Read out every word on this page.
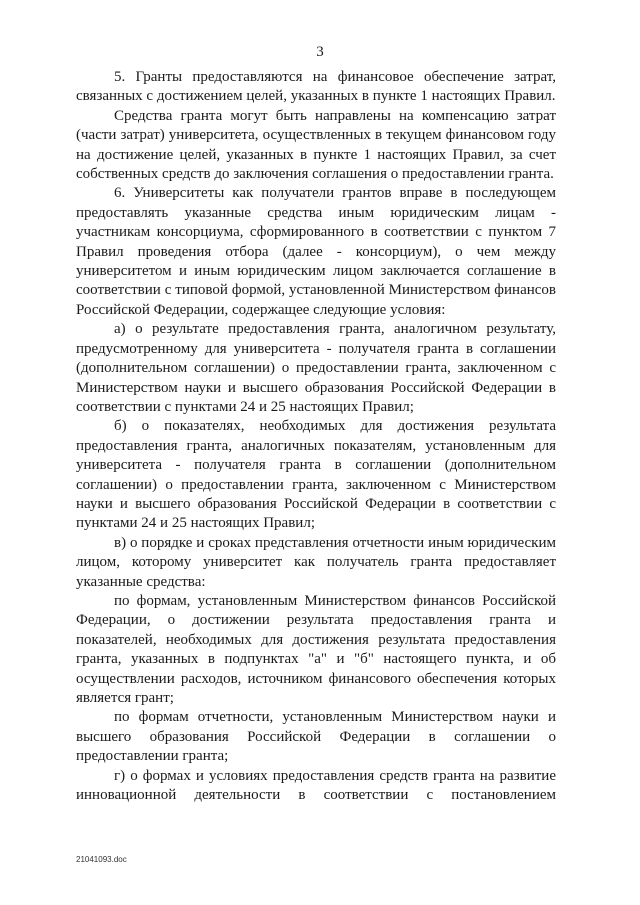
3

5. Гранты предоставляются на финансовое обеспечение затрат, связанных с достижением целей, указанных в пункте 1 настоящих Правил.

Средства гранта могут быть направлены на компенсацию затрат (части затрат) университета, осуществленных в текущем финансовом году на достижение целей, указанных в пункте 1 настоящих Правил, за счет собственных средств до заключения соглашения о предоставлении гранта.

6. Университеты как получатели грантов вправе в последующем предоставлять указанные средства иным юридическим лицам - участникам консорциума, сформированного в соответствии с пунктом 7 Правил проведения отбора (далее - консорциум), о чем между университетом и иным юридическим лицом заключается соглашение в соответствии с типовой формой, установленной Министерством финансов Российской Федерации, содержащее следующие условия:

а) о результате предоставления гранта, аналогичном результату, предусмотренному для университета - получателя гранта в соглашении (дополнительном соглашении) о предоставлении гранта, заключенном с Министерством науки и высшего образования Российской Федерации в соответствии с пунктами 24 и 25 настоящих Правил;

б) о показателях, необходимых для достижения результата предоставления гранта, аналогичных показателям, установленным для университета - получателя гранта в соглашении (дополнительном соглашении) о предоставлении гранта, заключенном с Министерством науки и высшего образования Российской Федерации в соответствии с пунктами 24 и 25 настоящих Правил;

в) о порядке и сроках представления отчетности иным юридическим лицом, которому университет как получатель гранта предоставляет указанные средства:

по формам, установленным Министерством финансов Российской Федерации, о достижении результата предоставления гранта и показателей, необходимых для достижения результата предоставления гранта, указанных в подпунктах "а" и "б" настоящего пункта, и об осуществлении расходов, источником финансового обеспечения которых является грант;

по формам отчетности, установленным Министерством науки и высшего образования Российской Федерации в соглашении о предоставлении гранта;

г) о формах и условиях предоставления средств гранта на развитие инновационной деятельности в соответствии с постановлением

21041093.doc
